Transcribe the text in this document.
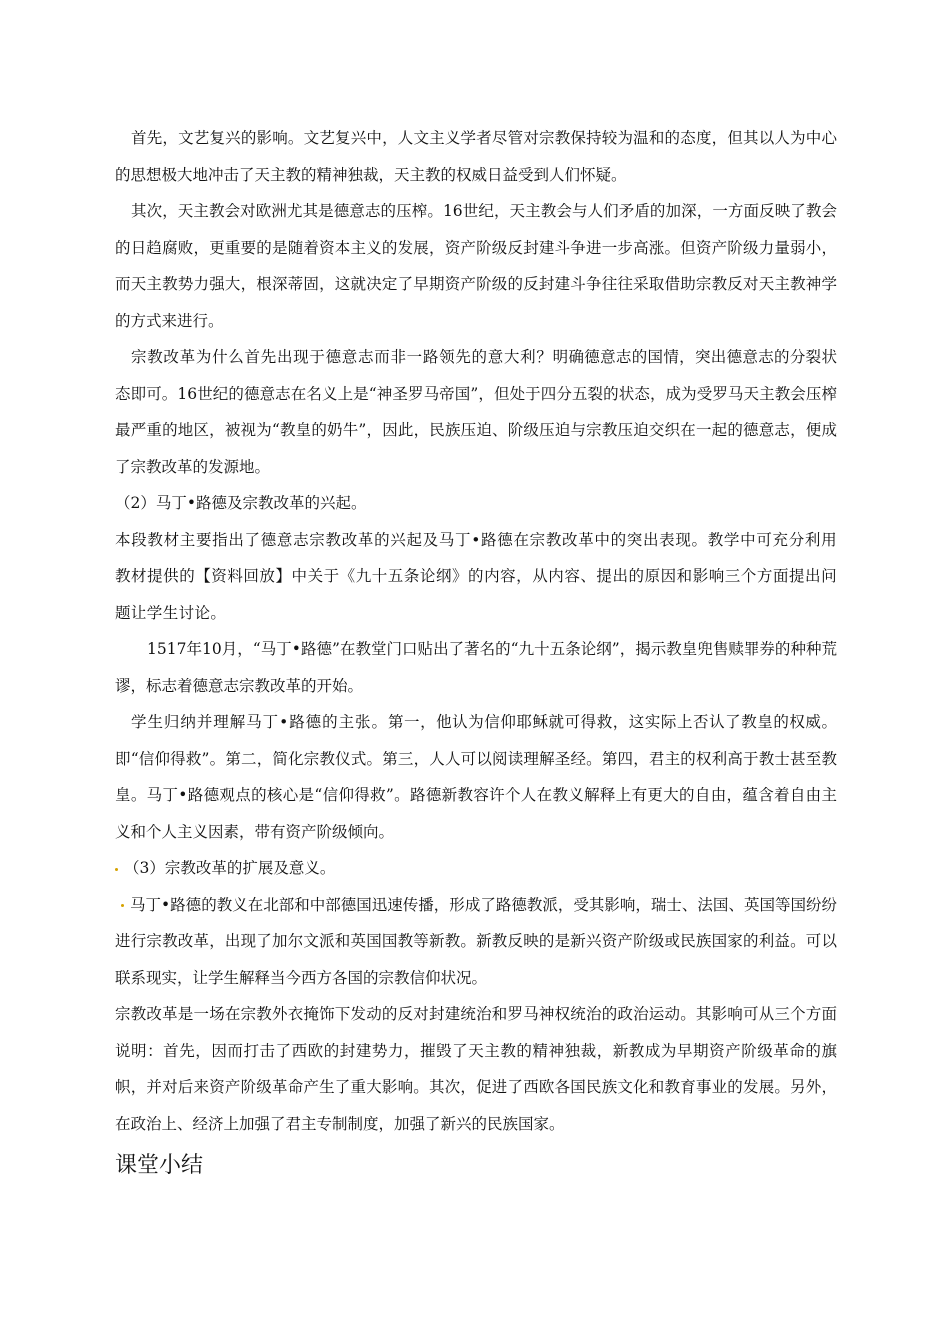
首先，文艺复兴的影响。文艺复兴中，人文主义学者尽管对宗教保持较为温和的态度，但其以人为中心的思想极大地冲击了天主教的精神独裁，天主教的权威日益受到人们怀疑。

其次，天主教会对欧洲尤其是德意志的压榨。16世纪，天主教会与人们矛盾的加深，一方面反映了教会的日趋腐败，更重要的是随着资本主义的发展，资产阶级反封建斗争进一步高涨。但资产阶级力量弱小，而天主教势力强大，根深蒂固，这就决定了早期资产阶级的反封建斗争往往采取借助宗教反对天主教神学的方式来进行。

宗教改革为什么首先出现于德意志而非一路领先的意大利？明确德意志的国情，突出德意志的分裂状态即可。16世纪的德意志在名义上是“神圣罗马帝国”，但处于四分五裂的状态，成为受罗马天主教会压榨最严重的地区，被视为“教皇的奶牛”，因此，民族压迫、阶级压迫与宗教压迫交织在一起的德意志，便成了宗教改革的发源地。

（2）马丁•路德及宗教改革的兴起。

本段教材主要指出了德意志宗教改革的兴起及马丁•路德在宗教改革中的突出表现。教学中可充分利用教材提供的【资料回放】中关于《九十五条论纲》的内容，从内容、提出的原因和影响三个方面提出问题让学生讨论。

1517年10月，“马丁•路德”在教堂门口贴出了著名的“九十五条论纲”，揭示教皇兜售赎罪券的种种荒谬，标志着德意志宗教改革的开始。

学生归纳并理解马丁•路德的主张。第一，他认为信仰耶稣就可得救，这实际上否认了教皇的权威。即“信仰得救”。第二，简化宗教仪式。第三，人人可以阅读理解圣经。第四，君主的权利高于教士甚至教皇。马丁•路德观点的核心是“信仰得救”。路德新教容许个人在教义解释上有更大的自由，蕴含着自由主义和个人主义因素，带有资产阶级倾向。

（3）宗教改革的扩展及意义。

马丁•路德的教义在北部和中部德国迅速传播，形成了路德教派，受其影响，瑞士、法国、英国等国纷纷进行宗教改革，出现了加尔文派和英国国教等新教。新教反映的是新兴资产阶级或民族国家的利益。可以联系现实，让学生解释当今西方各国的宗教信仰状况。

宗教改革是一场在宗教外衣掩饰下发动的反对封建统治和罗马神权统治的政治运动。其影响可从三个方面说明：首先，因而打击了西欧的封建势力，摧毁了天主教的精神独裁，新教成为早期资产阶级革命的旗帜，并对后来资产阶级革命产生了重大影响。其次，促进了西欧各国民族文化和教育事业的发展。另外，在政治上、经济上加强了君主专制制度，加强了新兴的民族国家。

课堂小结
